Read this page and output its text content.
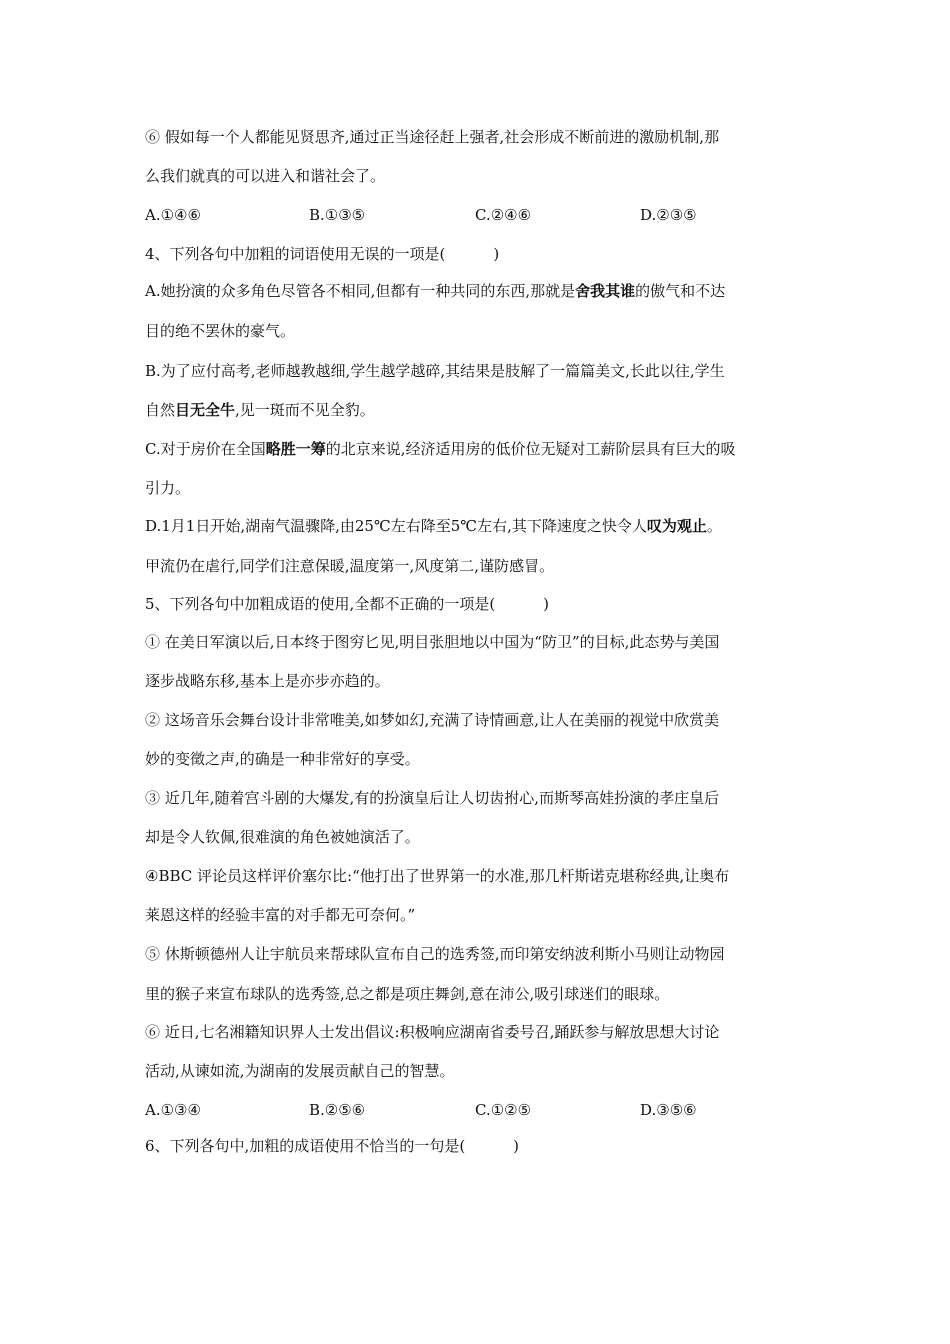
⑥ 假如每一个人都能见贤思齐,通过正当途径赶上强者,社会形成不断前进的激励机制,那
么我们就真的可以进入和谐社会了。
A.①④⑥	B.①③⑤	C.②④⑥	D.②③⑤
4、下列各句中加粗的词语使用无误的一项是(	)
A.她扮演的众多角色尽管各不相同,但都有一种共同的东西,那就是舍我其谁的傲气和不达
目的绝不罢休的豪气。
B.为了应付高考,老师越教越细,学生越学越碎,其结果是肢解了一篇篇美文,长此以往,学生
自然目无全牛,见一斑而不见全豹。
C.对于房价在全国略胜一筹的北京来说,经济适用房的低价位无疑对工薪阶层具有巨大的吸
引力。
D.1月1日开始,湖南气温骤降,由25℃左右降至5℃左右,其下降速度之快令人叹为观止。
甲流仍在虐行,同学们注意保暖,温度第一,风度第二,谨防感冒。
5、下列各句中加粗成语的使用,全都不正确的一项是(	)
① 在美日军演以后,日本终于图穷匕见,明目张胆地以中国为“防卫”的目标,此态势与美国
逐步战略东移,基本上是亦步亦趋的。
② 这场音乐会舞台设计非常唯美,如梦如幻,充满了诗情画意,让人在美丽的视觉中欣赏美
妙的变徵之声,的确是一种非常好的享受。
③ 近几年,随着宫斗剧的大爆发,有的扮演皇后让人切齿拊心,而斯琴高娃扮演的孝庄皇后
却是令人钦佩,很难演的角色被她演活了。
④BBC 评论员这样评价塞尔比:“他打出了世界第一的水准,那几杆斯诺克堪称经典,让奥布
莱恩这样的经验丰富的对手都无可奈何。”
⑤ 休斯顿德州人让宇航员来帮球队宣布自己的选秀签,而印第安纳波利斯小马则让动物园
里的猴子来宣布球队的选秀签,总之都是项庄舞剑,意在沛公,吸引球迷们的眼球。
⑥ 近日,七名湘籍知识界人士发出倡议:积极响应湖南省委号召,踊跃参与解放思想大讨论
活动,从谏如流,为湖南的发展贡献自己的智慧。
A.①③④	B.②⑤⑥	C.①②⑤	D.③⑤⑥
6、下列各句中,加粗的成语使用不恰当的一句是(	)
